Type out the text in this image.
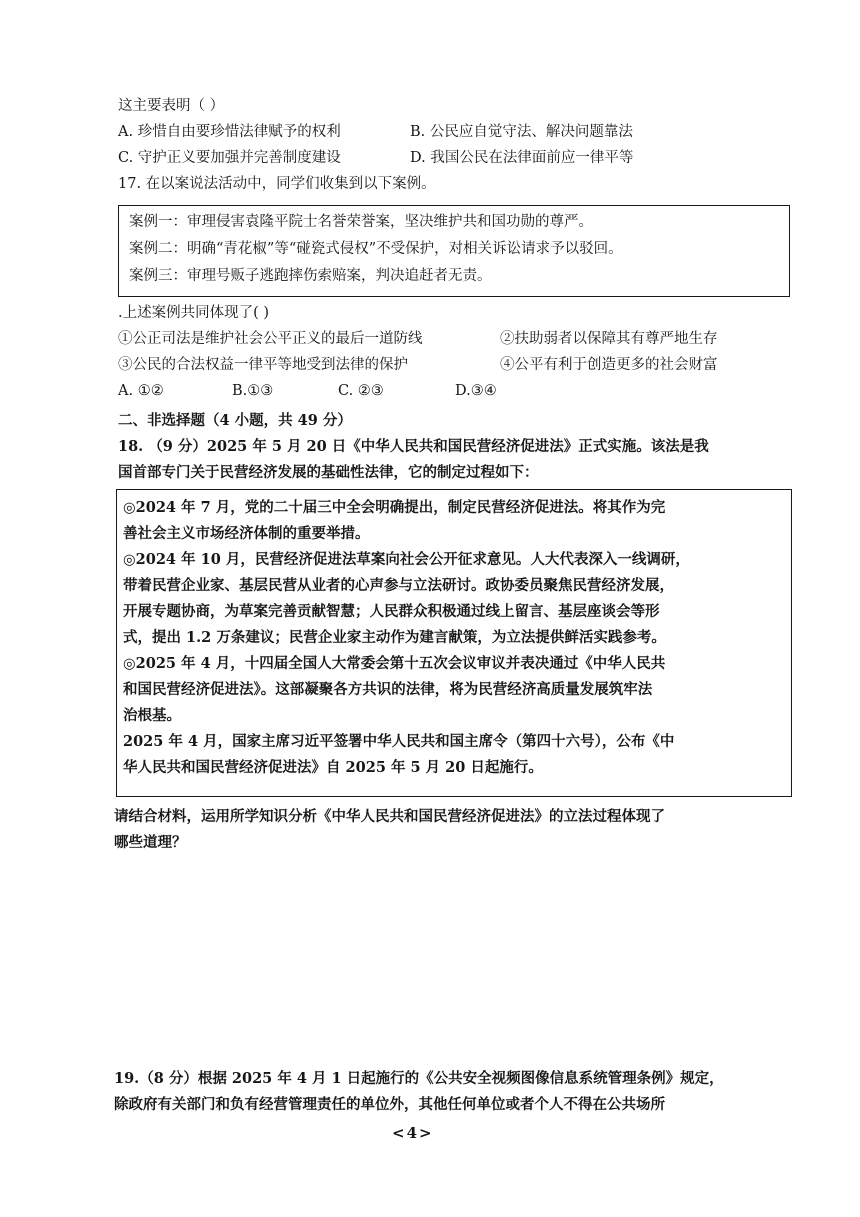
这主要表明（ ）
A. 珍惜自由要珍惜法律赋予的权利	B. 公民应自觉守法、解决问题靠法
C. 守护正义要加强并完善制度建设	D. 我国公民在法律面前应一律平等
17. 在以案说法活动中，同学们收集到以下案例。
案例一：审理侵害袁隆平院士名誉荣誉案，坚决维护共和国功勋的尊严。
案例二：明确“青花椒”等“碰瓷式侵权”不受保护，对相关诉讼请求予以驳回。
案例三：审理号贩子逃跑摔伤索赔案，判决追赶者无责。
.上述案例共同体现了( )
①公正司法是维护社会公平正义的最后一道防线	②扶助弱者以保障其有尊严地生存
③公民的合法权益一律平等地受到法律的保护	④公平有利于创造更多的社会财富
A. ①②	B.①③	C. ②③	D.③④
二、非选择题（4 小题，共 49 分）
18. （9 分）2025 年 5 月 20 日《中华人民共和国民营经济促进法》正式实施。该法是我
国首部专门关于民营经济发展的基础性法律，它的制定过程如下：
◎2024 年 7 月，党的二十届三中全会明确提出，制定民营经济促进法。将其作为完
善社会主义市场经济体制的重要举措。
◎2024 年 10 月，民营经济促进法草案向社会公开征求意见。人大代表深入一线调研，
带着民营企业家、基层民营从业者的心声参与立法研讨。政协委员聚焦民营经济发展，
开展专题协商，为草案完善贡献智慧；人民群众积极通过线上留言、基层座谈会等形
式，提出 1.2 万条建议；民营企业家主动作为建言献策，为立法提供鲜活实践参考。
◎2025 年 4 月，十四届全国人大常委会第十五次会议审议并表决通过《中华人民共
和国民营经济促进法》。这部凝聚各方共识的法律，将为民营经济高质量发展筑牢法
治根基。
2025 年 4 月，国家主席习近平签署中华人民共和国主席令（第四十六号），公布《中
华人民共和国民营经济促进法》自 2025 年 5 月 20 日起施行。
请结合材料，运用所学知识分析《中华人民共和国民营经济促进法》的立法过程体现了
哪些道理？
19.（8 分）根据 2025 年 4 月 1 日起施行的《公共安全视频图像信息系统管理条例》规定，
除政府有关部门和负有经营管理责任的单位外，其他任何单位或者个人不得在公共场所
<4>
